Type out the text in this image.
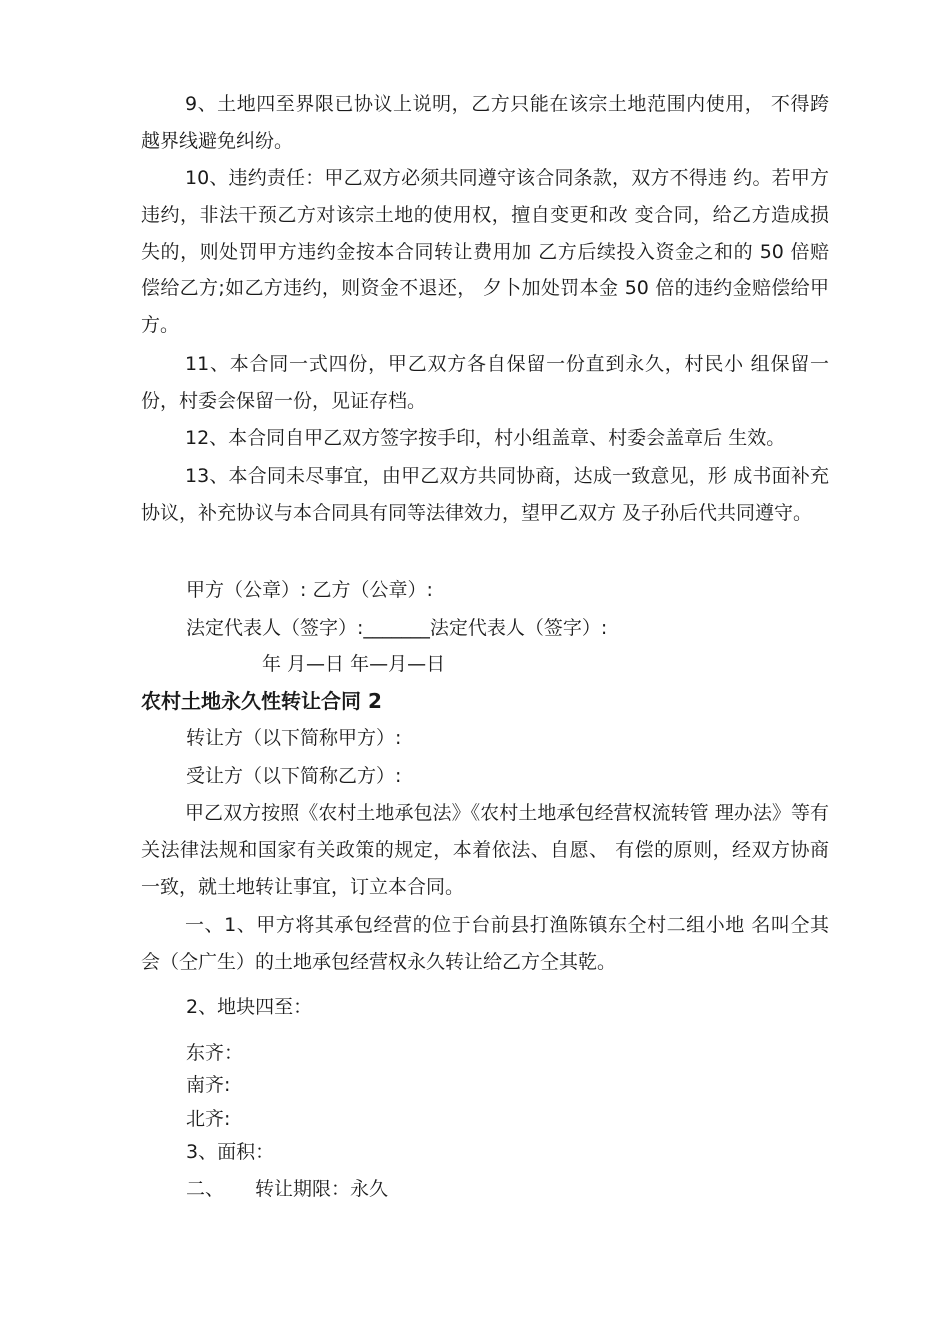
9、土地四至界限已协议上说明，乙方只能在该宗土地范围内使用， 不得跨越界线避免纠纷。

10、违约责任：甲乙双方必须共同遵守该合同条款，双方不得违 约。若甲方违约，非法干预乙方对该宗土地的使用权，擅自变更和改 变合同，给乙方造成损失的，则处罚甲方违约金按本合同转让费用加 乙方后续投入资金之和的 50 倍赔偿给乙方;如乙方违约，则资金不退还， 夕卜加处罚本金 50 倍的违约金赔偿给甲方。

11、本合同一式四份，甲乙双方各自保留一份直到永久，村民小 组保留一份，村委会保留一份，见证存档。

12、本合同自甲乙双方签字按手印，村小组盖章、村委会盖章后 生效。

13、本合同未尽事宜，由甲乙双方共同协商，达成一致意见，形 成书面补充协议，补充协议与本合同具有同等法律效力，望甲乙双方 及子孙后代共同遵守。

甲方（公章）: 乙方（公章）:

法定代表人（签字）:_______法定代表人（签字）:

年 月—日 年—月—日

农村土地永久性转让合同 2

转让方（以下简称甲方）:

受让方（以下简称乙方）:

甲乙双方按照《农村土地承包法》《农村土地承包经营权流转管 理办法》等有关法律法规和国家有关政策的规定，本着依法、自愿、 有偿的原则，经双方协商一致，就土地转让事宜，订立本合同。

一、1、甲方将其承包经营的位于台前县打渔陈镇东仝村二组小地 名叫仝其会（仝广生）的土地承包经营权永久转让给乙方仝其乾。

2、地块四至：

东齐：

南齐:

北齐:

3、面积：

二、 转让期限：永久
